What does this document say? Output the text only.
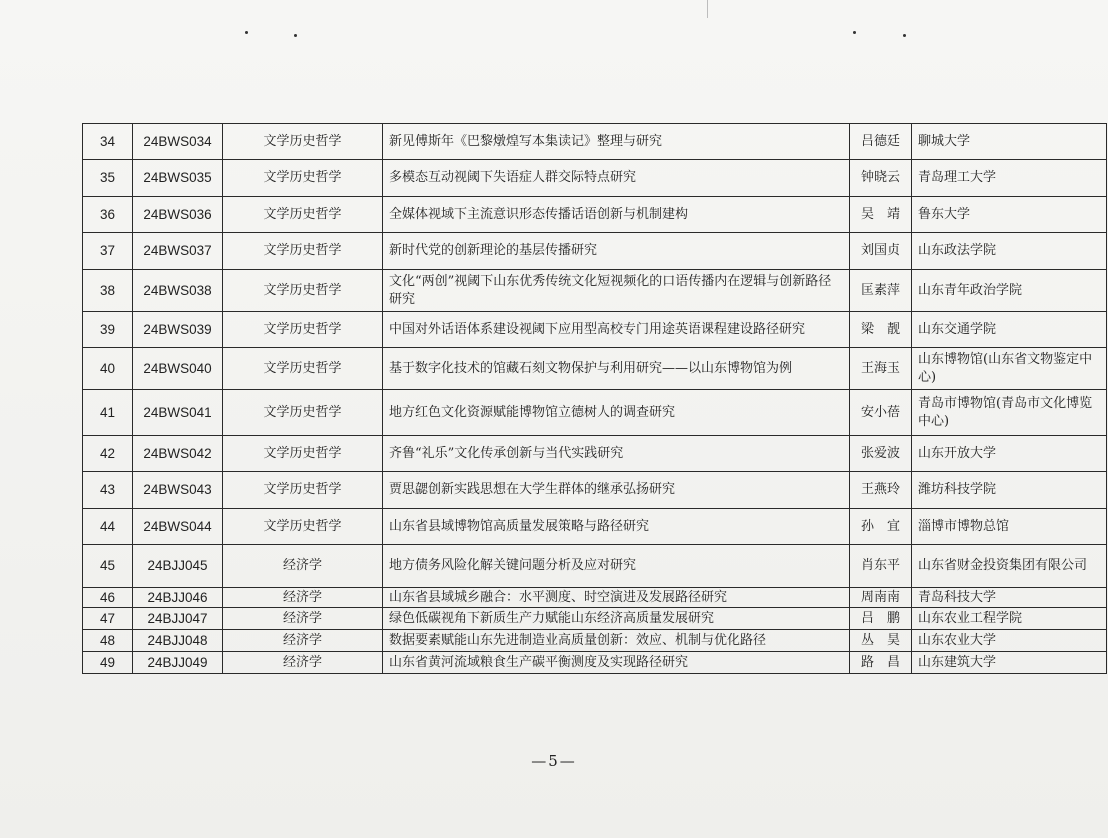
34	24BWS034	文学历史哲学	新见傅斯年《巴黎燉煌写本集读记》整理与研究	吕德廷	聊城大学
35	24BWS035	文学历史哲学	多模态互动视阈下失语症人群交际特点研究	钟晓云	青岛理工大学
36	24BWS036	文学历史哲学	全媒体视域下主流意识形态传播话语创新与机制建构	吴　靖	鲁东大学
37	24BWS037	文学历史哲学	新时代党的创新理论的基层传播研究	刘国贞	山东政法学院
38	24BWS038	文学历史哲学	文化“两创”视阈下山东优秀传统文化短视频化的口语传播内在逻辑与创新路径研究	匡素萍	山东青年政治学院
39	24BWS039	文学历史哲学	中国对外话语体系建设视阈下应用型高校专门用途英语课程建设路径研究	梁　靓	山东交通学院
40	24BWS040	文学历史哲学	基于数字化技术的馆藏石刻文物保护与利用研究——以山东博物馆为例	王海玉	山东博物馆(山东省文物鉴定中心)
41	24BWS041	文学历史哲学	地方红色文化资源赋能博物馆立德树人的调查研究	安小蓓	青岛市博物馆(青岛市文化博览中心)
42	24BWS042	文学历史哲学	齐鲁“礼乐”文化传承创新与当代实践研究	张爱波	山东开放大学
43	24BWS043	文学历史哲学	贾思勰创新实践思想在大学生群体的继承弘扬研究	王燕玲	潍坊科技学院
44	24BWS044	文学历史哲学	山东省县域博物馆高质量发展策略与路径研究	孙　宜	淄博市博物总馆
45	24BJJ045	经济学	地方债务风险化解关键问题分析及应对研究	肖东平	山东省财金投资集团有限公司
46	24BJJ046	经济学	山东省县域城乡融合：水平测度、时空演进及发展路径研究	周南南	青岛科技大学
47	24BJJ047	经济学	绿色低碳视角下新质生产力赋能山东经济高质量发展研究	吕　鹏	山东农业工程学院
48	24BJJ048	经济学	数据要素赋能山东先进制造业高质量创新：效应、机制与优化路径	丛　昊	山东农业大学
49	24BJJ049	经济学	山东省黄河流域粮食生产碳平衡测度及实现路径研究	路　昌	山东建筑大学
—5—
